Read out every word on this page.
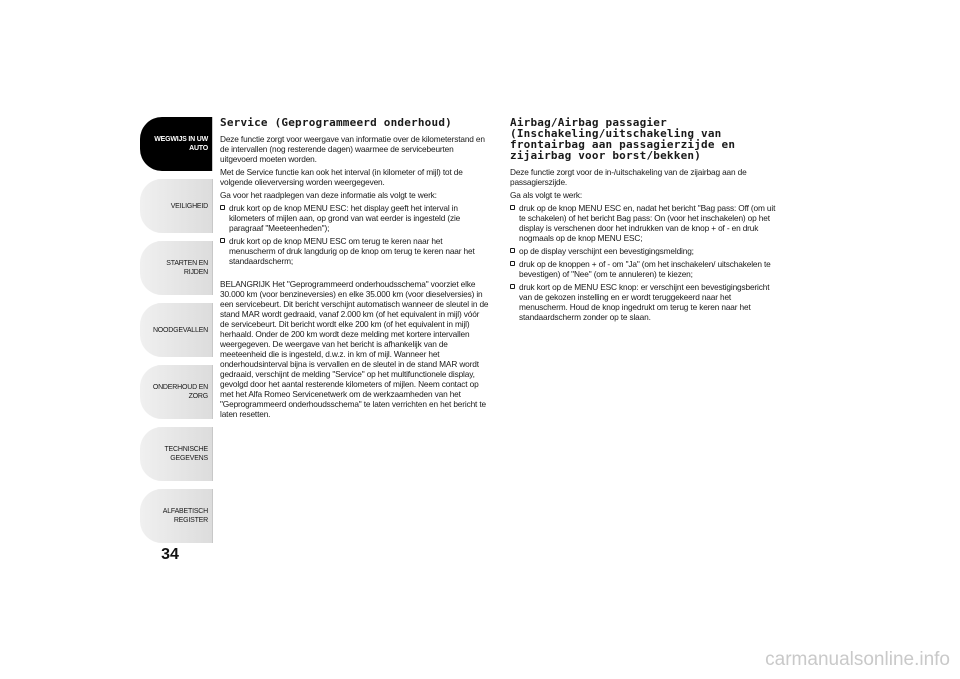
WEGWIJS IN UW AUTO
VEILIGHEID
STARTEN EN RIJDEN
NOODGEVALLEN
ONDERHOUD EN ZORG
TECHNISCHE GEGEVENS
ALFABETISCH REGISTER
34
Service (Geprogrammeerd onderhoud)

Deze functie zorgt voor weergave van informatie over de kilometerstand en de intervallen (nog resterende dagen) waarmee de servicebeurten uitgevoerd moeten worden.

Met de Service functie kan ook het interval (in kilometer of mijl) tot de volgende olieverversing worden weergegeven.

Ga voor het raadplegen van deze informatie als volgt te werk:

druk kort op de knop MENU ESC: het display geeft het interval in kilometers of mijlen aan, op grond van wat eerder is ingesteld (zie paragraaf "Meeteenheden");
druk kort op de knop MENU ESC om terug te keren naar het menuscherm of druk langdurig op de knop om terug te keren naar het standaardscherm;

BELANGRIJK Het "Geprogrammeerd onderhoudsschema" voorziet elke 30.000 km (voor benzineversies) en elke 35.000 km (voor dieselversies) in een servicebeurt. Dit bericht verschijnt automatisch wanneer de sleutel in de stand MAR wordt gedraaid, vanaf 2.000 km (of het equivalent in mijl) vóór de servicebeurt. Dit bericht wordt elke 200 km (of het equivalent in mijl) herhaald. Onder de 200 km wordt deze melding met kortere intervallen weergegeven. De weergave van het bericht is afhankelijk van de meeteenheid die is ingesteld, d.w.z. in km of mijl. Wanneer het onderhoudsinterval bijna is vervallen en de sleutel in de stand MAR wordt gedraaid, verschijnt de melding "Service" op het multifunctionele display, gevolgd door het aantal resterende kilometers of mijlen. Neem contact op met het Alfa Romeo Servicenetwerk om de werkzaamheden van het "Geprogrammeerd onderhoudsschema" te laten verrichten en het bericht te laten resetten.

Airbag/Airbag passagier (Inschakeling/uitschakeling van frontairbag aan passagierzijde en zijairbag voor borst/bekken)

Deze functie zorgt voor de in-/uitschakeling van de zijairbag aan de passagierszijde.

Ga als volgt te werk:

druk op de knop MENU ESC en, nadat het bericht "Bag pass: Off (om uit te schakelen) of het bericht Bag pass: On (voor het inschakelen) op het display is verschenen door het indrukken van de knop + of - en druk nogmaals op de knop MENU ESC;
op de display verschijnt een bevestigingsmelding;
druk op de knoppen + of - om "Ja" (om het inschakelen/ uitschakelen te bevestigen) of "Nee" (om te annuleren) te kiezen;
druk kort op de MENU ESC knop: er verschijnt een bevestigingsbericht van de gekozen instelling en er wordt teruggekeerd naar het menuscherm. Houd de knop ingedrukt om terug te keren naar het standaardscherm zonder op te slaan.
carmanualsonline.info
